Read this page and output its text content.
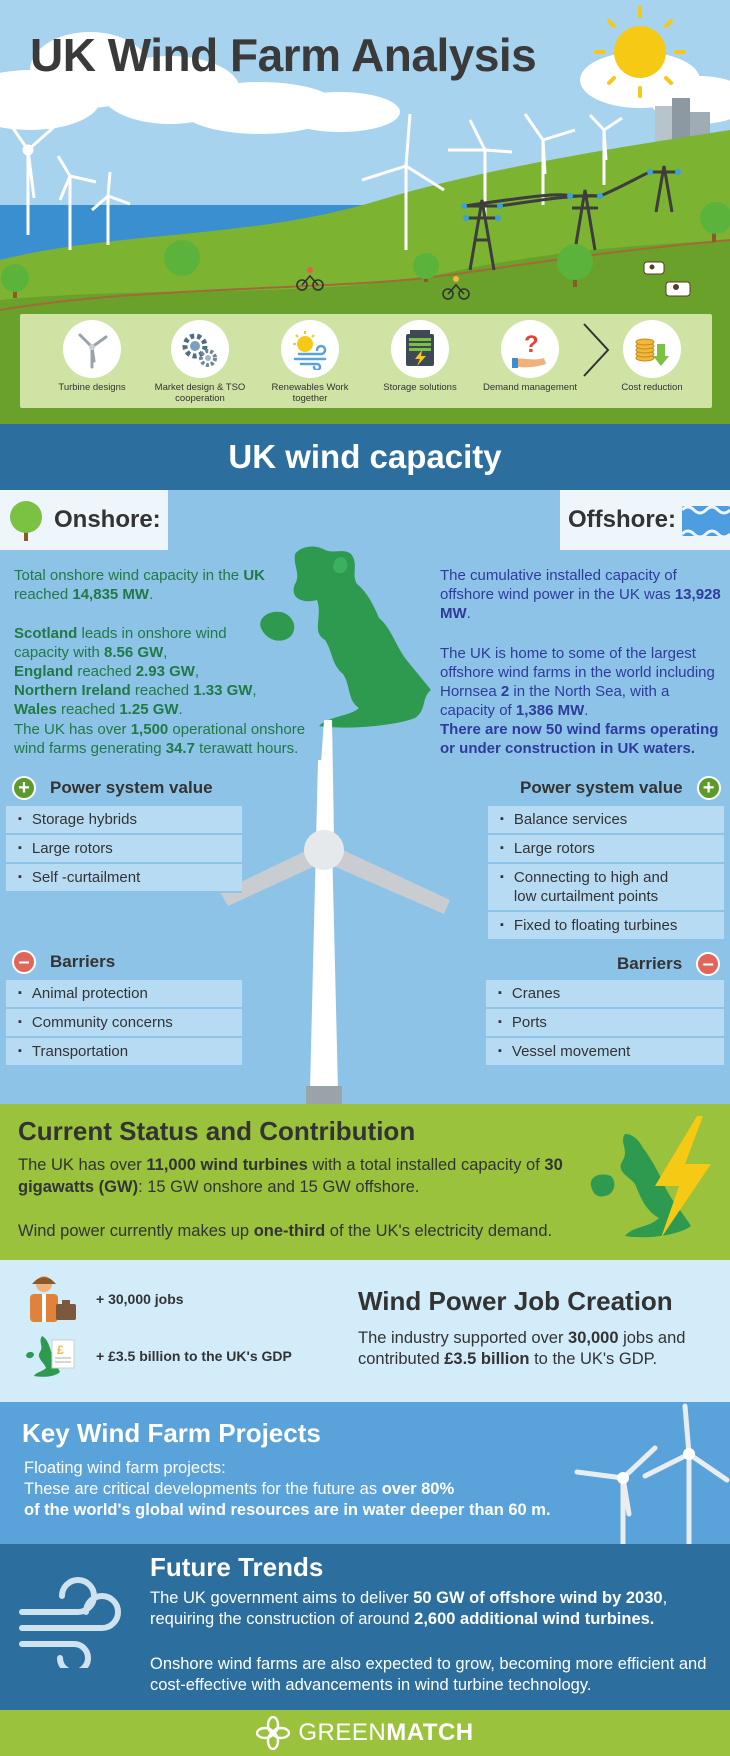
UK Wind Farm Analysis
Turbine designs	Market design & TSO cooperation
Renewables Work together
Storage solutions
?
Demand management	Cost reduction
UK wind capacity
Onshore:
Total onshore wind capacity in the UK reached 14,835 MW.
Scotland leads in onshore wind
capacity with 8.56 GW,
England reached 2.93 GW,
Northern Ireland reached 1.33 GW,
Wales reached 1.25 GW.
The UK has over 1,500 operational onshore wind farms generating 34.7 terawatt hours.
+	Power system value
▪ Storage hybrids
▪ Large rotors
▪ Self -curtailment
–	Barriers
▪ Animal protection
▪ Community concerns
▪ Transportation
Offshore:
The cumulative installed capacity of offshore wind power in the UK was 13,928 MW.
The UK is home to some of the largest offshore wind farms in the world including Hornsea 2 in the North Sea, with a capacity of 1,386 MW.
There are now 50 wind farms operating or under construction in UK waters.
Power system value	+
▪ Balance services
▪ Large rotors
▪ Connecting to high and low curtailment points
▪ Fixed to floating turbines
Barriers	–
▪ Cranes
▪ Ports
▪ Vessel movement
Current Status and Contribution
The UK has over 11,000 wind turbines with a total installed capacity of 30 gigawatts (GW): 15 GW onshore and 15 GW offshore.
Wind power currently makes up one-third of the UK's electricity demand.
+ 30,000 jobs
£ + £3.5 billion to the UK's GDP
Wind Power Job Creation
The industry supported over 30,000 jobs and contributed £3.5 billion to the UK's GDP.
Key Wind Farm Projects
Floating wind farm projects:
These are critical developments for the future as over 80%
of the world's global wind resources are in water deeper than 60 m.
Future Trends
The UK government aims to deliver 50 GW of offshore wind by 2030, requiring the construction of around 2,600 additional wind turbines.
Onshore wind farms are also expected to grow, becoming more efficient and cost-effective with advancements in wind turbine technology.
GREENMATCH
